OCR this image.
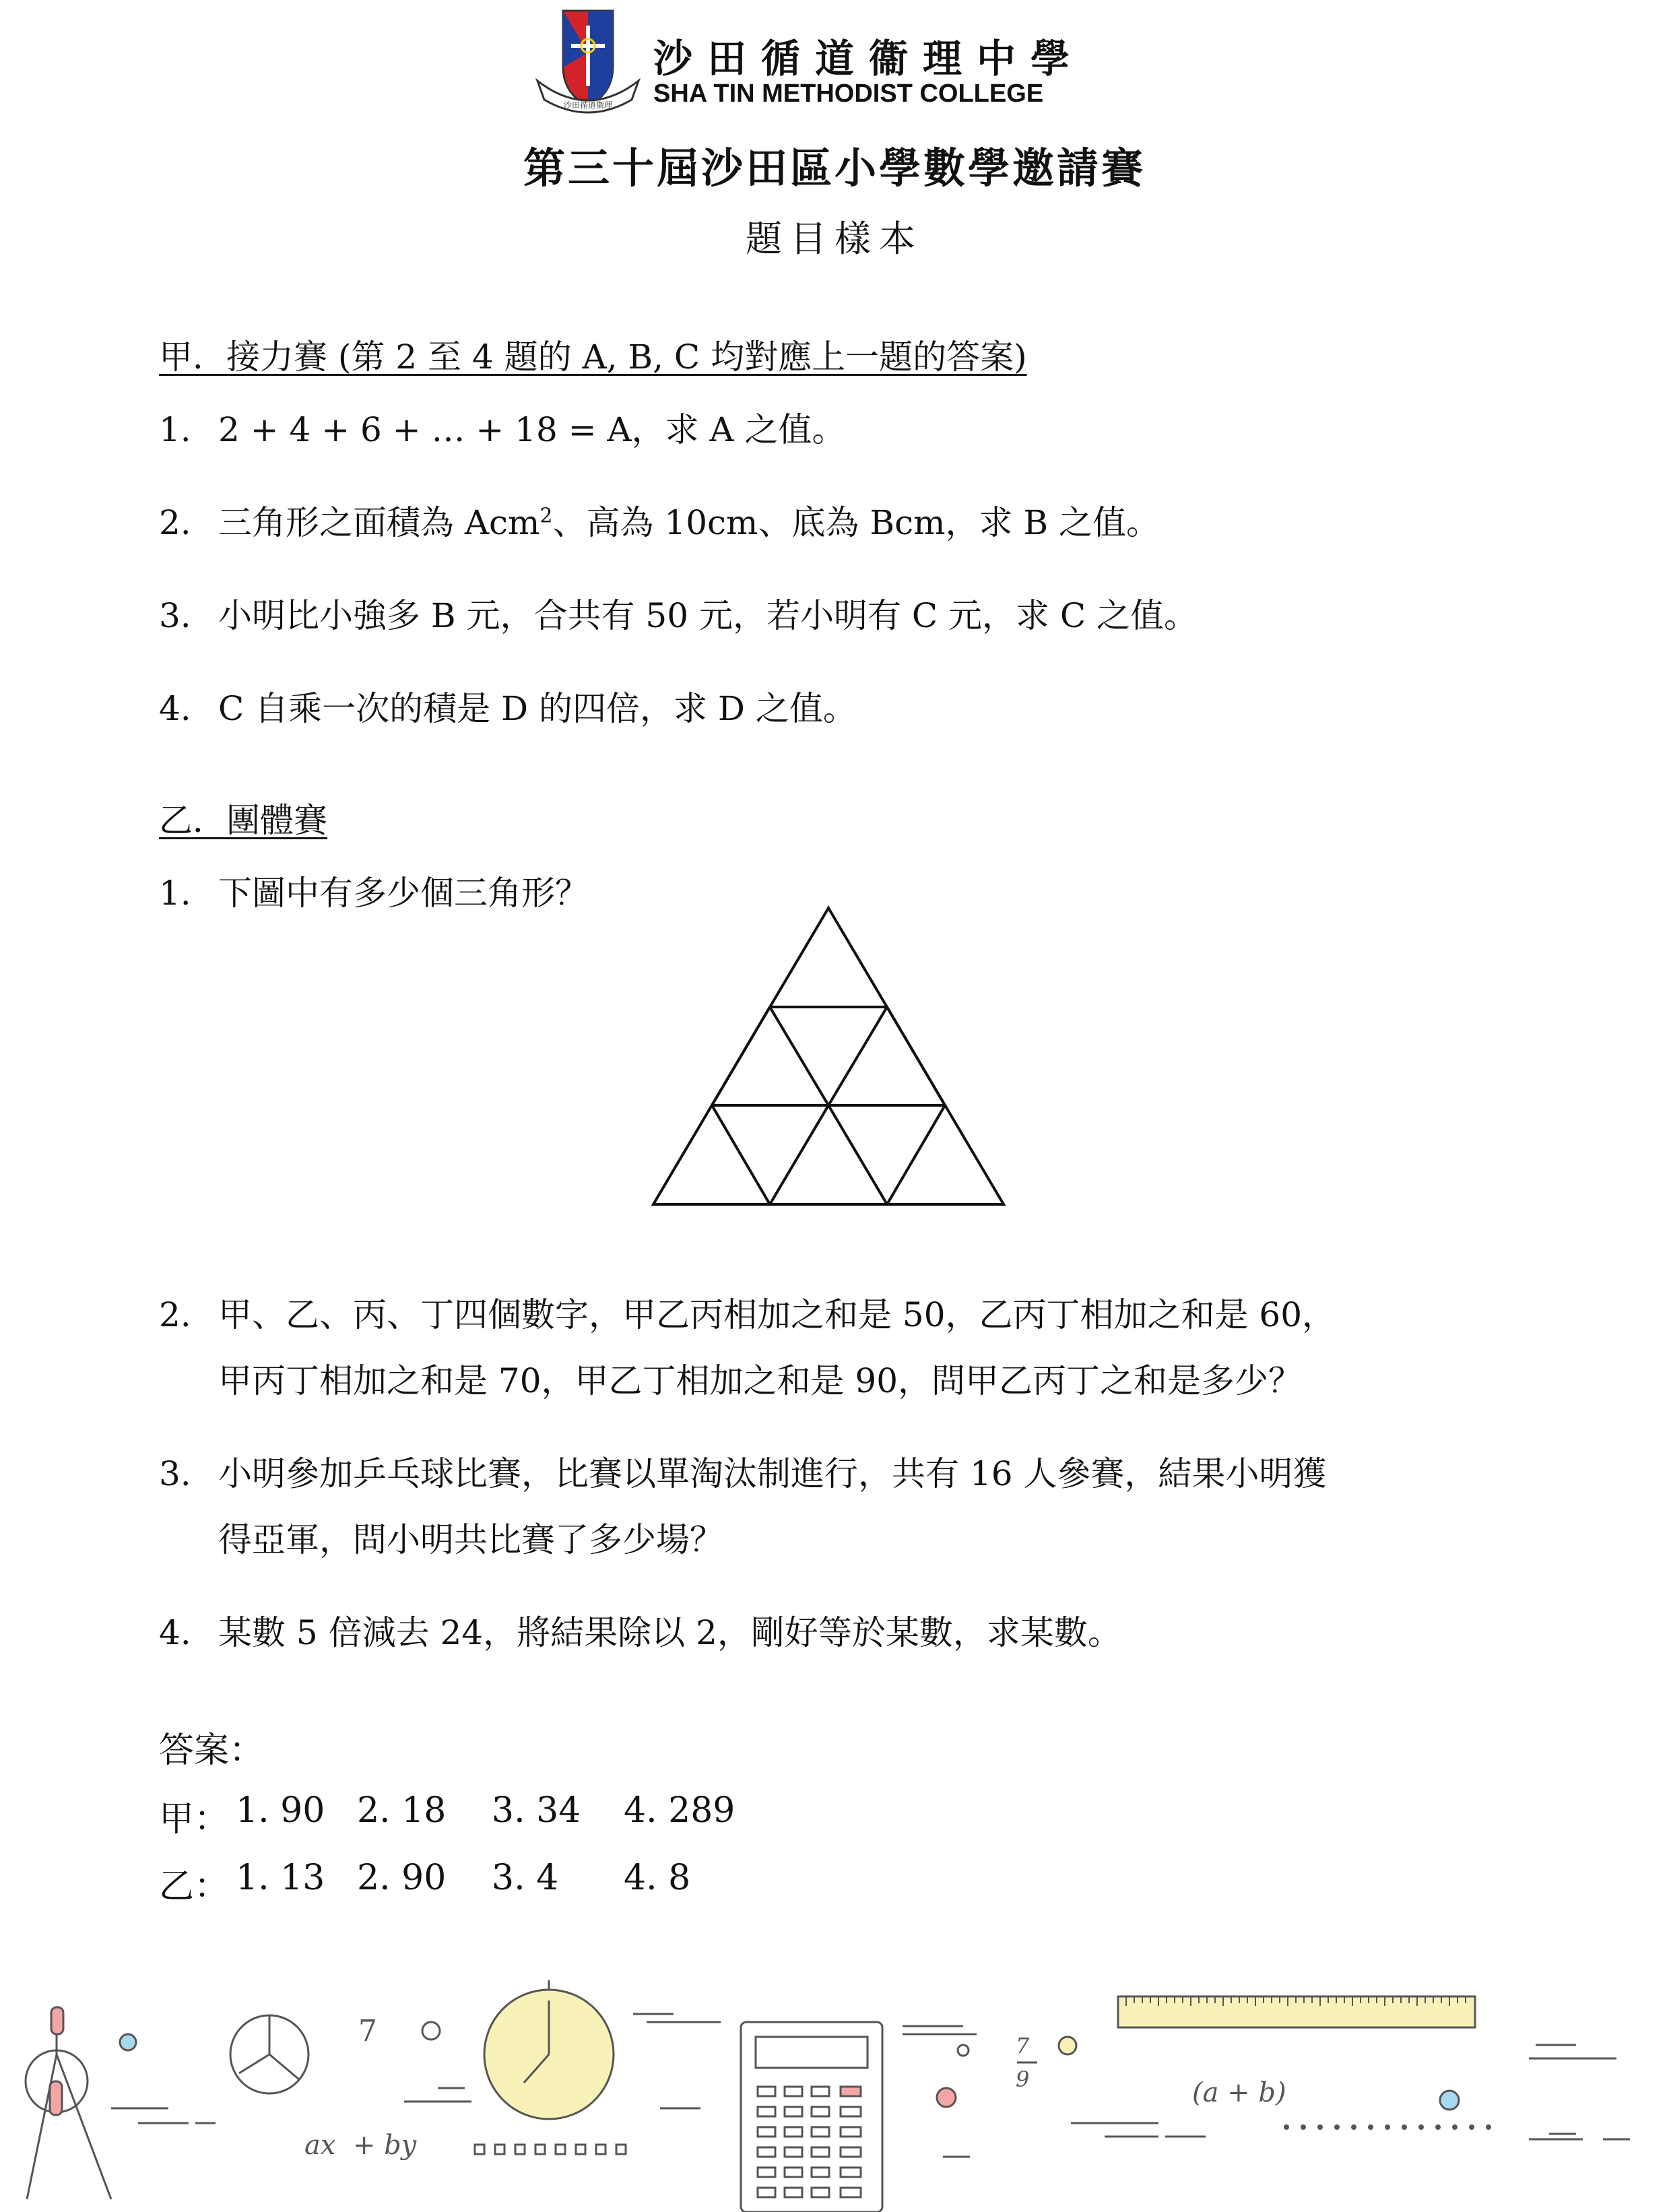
沙田循道衞理
沙田循道衞理中學
SHA TIN METHODIST COLLEGE
第三十屆沙田區小學數學邀請賽
題目樣本
甲．接力賽 (第 2 至 4 題的 A, B, C 均對應上一題的答案)
1. 2 + 4 + 6 + … + 18 = A，求 A 之值。
2. 三角形之面積為 Acm$^2$、高為 10cm、底為 Bcm，求 B 之值。
3. 小明比小強多 B 元，合共有 50 元，若小明有 C 元，求 C 之值。
4. C 自乘一次的積是 D 的四倍，求 D 之值。
乙．團體賽
1. 下圖中有多少個三角形？
2. 甲、乙、丙、丁四個數字，甲乙丙相加之和是 50，乙丙丁相加之和是 60，
甲丙丁相加之和是 70，甲乙丁相加之和是 90，問甲乙丙丁之和是多少？
3. 小明參加乒乓球比賽，比賽以單淘汰制進行，共有 16 人參賽，結果小明獲
得亞軍，問小明共比賽了多少場？
4. 某數 5 倍減去 24，將結果除以 2，剛好等於某數，求某數。
答案：
甲： 1. 90 2. 18 3. 34 4. 289
乙： 1. 13 2. 90 3. 4 4. 8
7	7
9	(a + b)
ax  + by
